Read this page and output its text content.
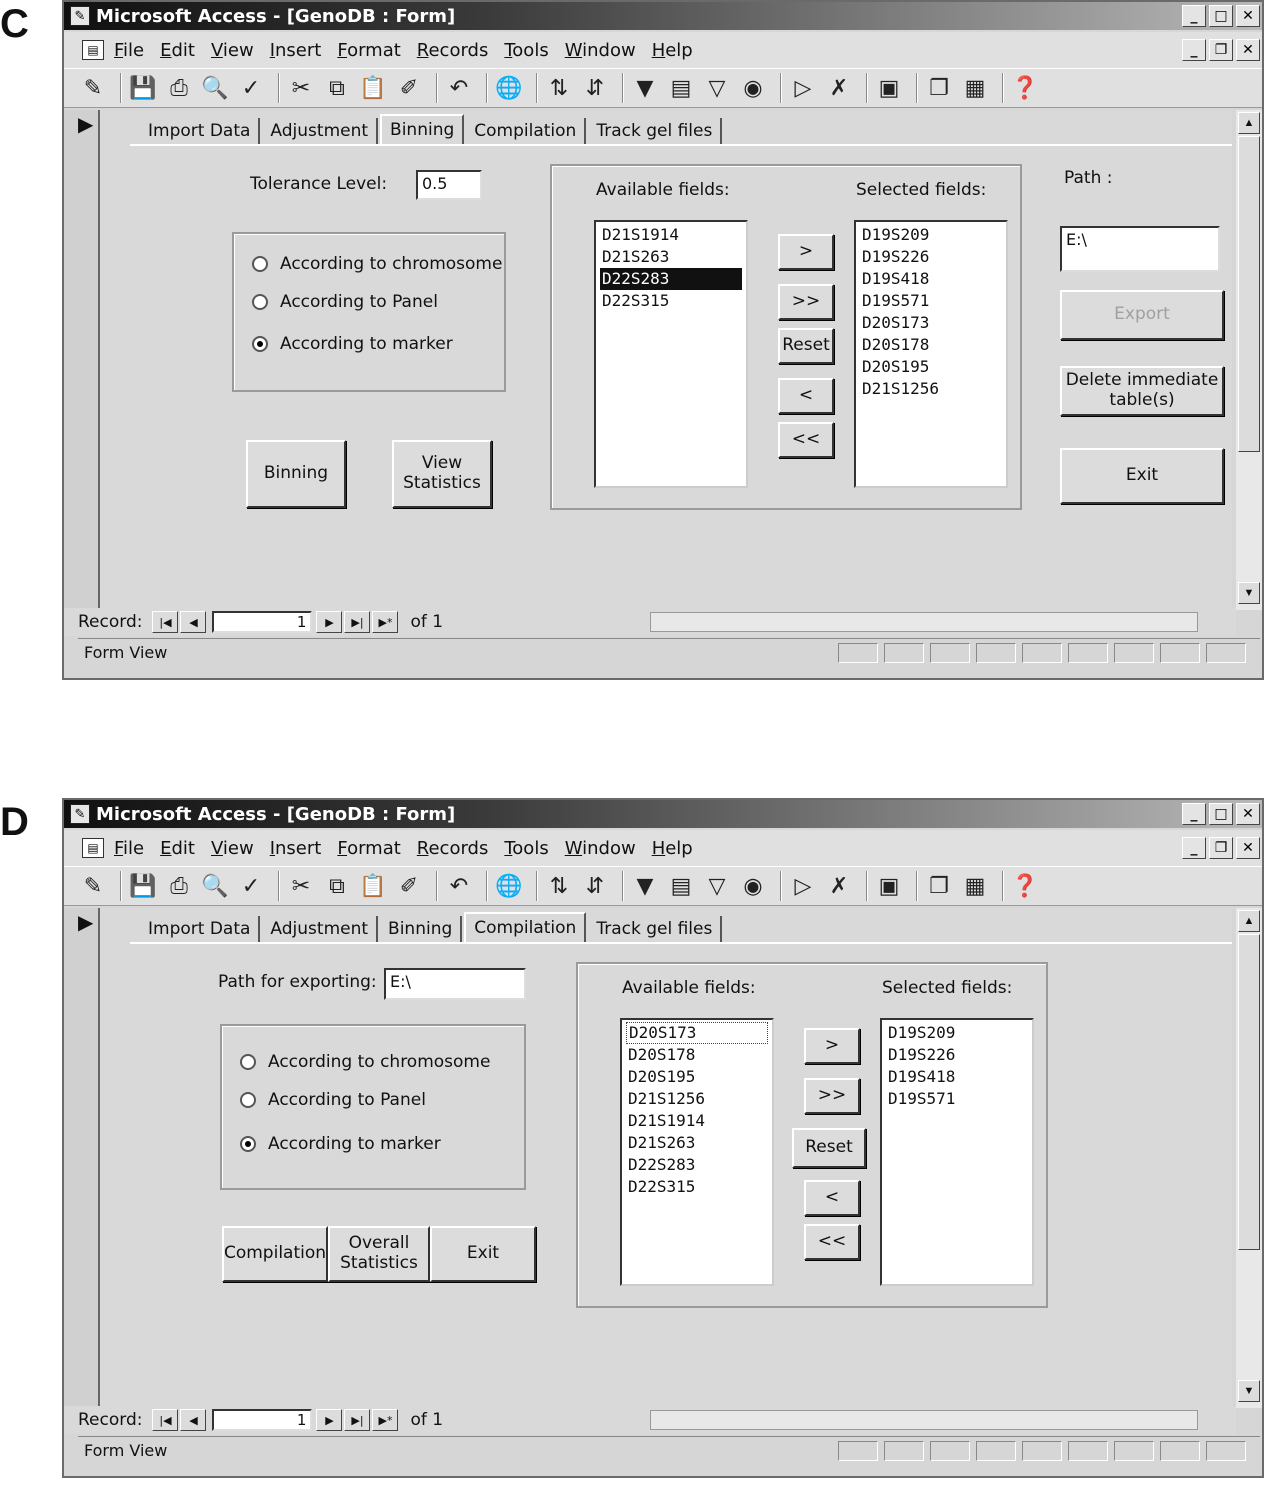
C	✎ Microsoft Access - [GenoDB : Form]	_	□	✕
▤ File Edit View Insert Format Records Tools Window Help	_	❐	✕
✎ 💾 ⎙ 🔍 ✓ ✂ ⧉ 📋 ✐ ↶ 🌐 ⇅ ⇵ ▼ ▤ ▽ ◉ ▷ ✗ ▣ ❐ ▦ ❓
▶	Import Data	Adjustment	Binning	Compilation	Track gel files
Tolerance Level:	0.5
According to chromosome
According to Panel
According to marker
Binning	View Statistics
Available fields:	Selected fields:
D21S1914
D21S263
D22S283
D22S315
>
>>
Reset
<
<<
D19S209
D19S226
D19S418
D19S571
D20S173
D20S178
D20S195
D21S1256
Path :
E:\
Export
Delete immediate table(s)
Exit
▲
▼
Record:	|◀	◀	1	▶	▶|	▶*	of 1
Form View
D	✎ Microsoft Access - [GenoDB : Form]	_	□	✕
▤ File Edit View Insert Format Records Tools Window Help	_	❐	✕
✎ 💾 ⎙ 🔍 ✓ ✂ ⧉ 📋 ✐ ↶ 🌐 ⇅ ⇵ ▼ ▤ ▽ ◉ ▷ ✗ ▣ ❐ ▦ ❓
▶	Import Data	Adjustment	Binning	Compilation	Track gel files
Path for exporting: E:\
According to chromosome
According to Panel
According to marker
Compilation	Overall Statistics	Exit
Available fields:	Selected fields:
D20S173
D20S178
D20S195
D21S1256
D21S1914
D21S263
D22S283
D22S315
>
>>
Reset
<
<<
D19S209
D19S226
D19S418
D19S571
▲
▼
Record:	|◀	◀	1	▶	▶|	▶*	of 1
Form View
